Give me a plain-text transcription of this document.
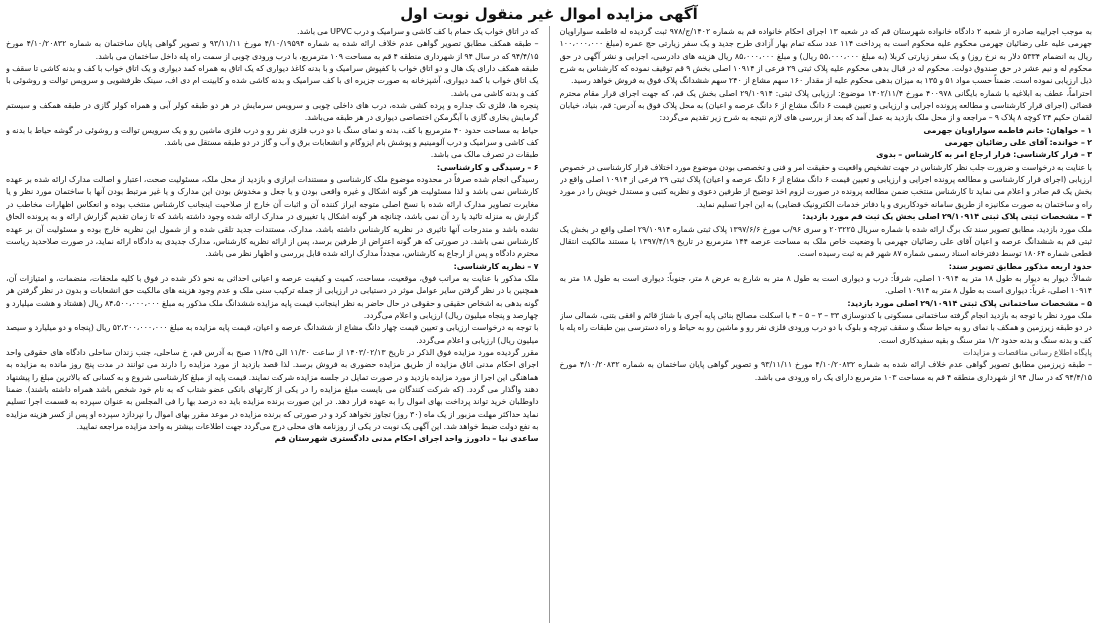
آگهی مزایده اموال غیر منقول نوبت اول

به موجب اجراییه صادره از شعبه ۲ دادگاه خانواده شهرستان قم که در شعبه ۱۳ اجرای احکام خانواده قم به شماره ۱۴۰۲/ج/۹۷۸ ثبت گردیده له فاطمه سواراویان جهرمی علیه علی رضائیان جهرمی محکوم علیه محکوم است به پرداخت ۱۱۴ عدد سکه تمام بهار آزادی طرح جدید و یک سفر زیارتی حج عمره (مبلغ ۱۰۰،۰۰۰،۰۰۰ ریال به انضمام ۵۳۳۴ دلار به نرخ روز) و یک سفر زیارتی کربلا (به مبلغ ۵۵،۰۰۰،۰۰۰ ریال) و مبلغ ۸۵،۰۰۰،۰۰۰ ریال هزینه های دادرسی، اجرایی و نشر آگهی در حق محکوم له و نیم عشر در حق صندوق دولت. محکوم له در قبال بدهی محکوم علیه پلاک ثبتی ۲۹ فرعی از ۱۰۹۱۴ اصلی بخش ۹ قم توقیف نموده که کارشناس به شرح ذیل ارزیابی نموده است. ضمناً حسب مواد ۵۱ و ۱۳۵ به میزان بدهی محکوم علیه از مقدار ۱۶۰ سهم مشاع از ۲۴۰ سهم ششدانگ پلاک فوق به فروش خواهد رسید.

احتراماً، عطف به ابلاغیه با شماره بایگانی ۴۰۰۹۷۸ مورخ ۱۴۰۲/۱۱/۴ موضوع: ارزیابی پلاک ثبتی: ۲۹/۱۰۹۱۴ اصلی بخش یک قم، که جهت اجرای قرار مقام محترم قضائی (اجرای قرار کارشناسی و مطالعه پرونده اجرایی و ارزیابی و تعیین قیمت ۶ دانگ مشاع از ۶ دانگ عرصه و اعیان) به محل پلاک فوق به آدرس: قم، بنیاد، خیابان لقمان حکیم ۲۴ کوچه ۸ پلاک ۹ – مراجعه و از محل ملک بازدید به عمل آمد که بعد از بررسی های لازم نتیجه به شرح زیر تقدیم می‌گردد:

۱ – خواهان: خانم فاطمه سواراویان جهرمی

۲ – خوانده: آقای علی رضائیان جهرمی

۳ – قرار کارشناسی: قرار ارجاع امر به کارشناس – بدوی

با عنایت به درخواست و ضرورت جلب نظر کارشناس در جهت تشخیص واقعیت و حقیقت امر و فنی و تخصصی بودن موضوع مورد اختلاف قرار کارشناسی در خصوص ارزیابی (اجرای قرار کارشناسی و مطالعه پرونده اجرایی و ارزیابی و تعیین قیمت ۶ دانگ مشاع از ۶ دانگ عرصه و اعیان) پلاک ثبتی ۲۹ فرعی از ۱۰۹۱۴ اصلی واقع در بخش یک قم صادر و اعلام می نماید تا کارشناس منتخب ضمن مطالعه پرونده در صورت لزوم اخذ توضیح از طرفین دعوی و نظریه کتبی و مستدل خویش را در مورد راه و ساختمان به صورت مکانیزه از طریق سامانه خودکاربری و یا دفاتر خدمات الکترونیک قضایی) به این اجرا تسلیم نماید.

۴ – مشخصات ثبتی پلاک ثبتی ۲۹/۱۰۹۱۴ اصلی بخش یک ثبت قم مورد بازدید:

ملک مورد بازدید، مطابق تصویر سند تک برگ ارائه شده با شماره سریال ۲۰۳۲۲۵ و سری ۹۶/ب مورخ ۱۳۹۷/۶/۶ پلاک ثبتی شماره ۲۹/۱۰۹۱۴ اصلی واقع در بخش یک ثبتی قم به ششدانگ عرصه و اعیان آقای علی رضائیان جهرمی با وضعیت خاص ملک به مساحت عرصه ۱۴۴ مترمربع در تاریخ ۱۳۹۷/۴/۱۹ با مستند مالکیت انتقال قطعی شماره ۱۸۰۶۴ توسط دفترخانه اسناد رسمی شماره ۸۷ شهر قم به ثبت رسیده است.

حدود اربعه مذکور مطابق تصویر سند:

شمالاً: دیوار به دیوار به طول ۱۸ متر به ۱۰۹۱۴ اصلی، شرقاً: درب و دیواری است به طول ۸ متر به شارع به عرض ۸ متر، جنوباً: دیواری است به طول ۱۸ متر به ۱۰۹۱۴ اصلی، غرباً: دیواری است به طول ۸ متر به ۱۰۹۱۴ اصلی.

۵ – مشخصات ساختمانی پلاک ثبتی ۲۹/۱۰۹۱۴ اصلی مورد بازدید:

ملک مورد نظر با توجه به بازدید انجام گرفته ساختمانی مسکونی با کدنوسازی ۳۳ – ۳ – ۵ – ۴ با اسکلت مصالح بنائی پایه آجری با شناژ قائم و افقی بتنی، شمالی ساز در دو طبقه زیرزمین و همکف با نمای رو به حیاط سنگ و سقف تیرچه و بلوک با دو درب ورودی فلزی نفر رو و ماشین رو به حیاط و راه دسترسی بین طبقات راه پله با کف و بدنه سنگ و بدنه حدود ۱/۲ متر سنگ و بقیه سفیدکاری است.

پایگاه اطلاع رسانی مناقصات و مزایدات

– طبقه زیرزمین مطابق تصویر گواهی عدم خلاف ارائه شده به شماره ۴/۱۰/۲۰۸۳۲ مورخ ۹۳/۱۱/۱۱ و تصویر گواهی پایان ساختمان به شماره ۴/۱۰/۲۰۸۳۲ مورخ ۹۴/۴/۱۵ که در سال ۹۴ از شهرداری منطقه ۴ قم به مساحت ۱۰۳ مترمربع دارای یک راه ورودی می باشد.

که در اتاق خواب یک حمام با کف کاشی و سرامیک و درب UPVC می باشد.

– طبقه همکف مطابق تصویر گواهی عدم خلاف ارائه شده به شماره ۴/۱۰/۱۹۵۹۴ مورخ ۹۳/۱۱/۱۱ و تصویر گواهی پایان ساختمان به شماره ۴/۱۰/۲۰۸۳۲ مورخ ۹۴/۴/۱۵ که در سال ۹۴ از شهرداری منطقه ۴ قم به مساحت ۱۰۹ مترمربع، با درب ورودی چوبی از سمت راه پله داخل ساختمان می باشد.

طبقه همکف دارای یک هال و دو اتاق خواب با کفپوش سرامیک و با بدنه کاغذ دیواری که یک اتاق به همراه کمد دیواری و یک اتاق خواب با کف و بدنه کاشی تا سقف و یک اتاق خواب با کمد دیواری، آشپزخانه به صورت جزیره ای با کف سرامیک و بدنه کاشی شده و کابینت ام دی اف، سینک ظرفشویی و سرویس توالت و روشوئی با کف و بدنه کاشی می باشد.

پنجره ها، فلزی تک جداره و پرده کشی شده، درب های داخلی چوبی و سرویس سرمایش در هر دو طبقه کولر آبی و همراه کولر گازی در طبقه همکف و سیستم گرمایش بخاری گازی با آبگرمکن اختصاصی دیواری در هر طبقه می‌باشد.

حیاط به مساحت حدود ۴۰ مترمربع با کف، بدنه و نمای سنگ با دو درب فلزی نفر رو و درب فلزی ماشین رو و یک سرویس توالت و روشوئی در گوشه حیاط با بدنه و کف کاشی و سرامیک و درب آلومینیم و پوشش بام ایزوگام و انشعابات برق و آب و گاز در دو طبقه مستقل می باشد.

طبقات در تصرف مالک می باشد.

۶ – رسیدگی و کارشناسی:

رسیدگی انجام شده صرفاً در محدوده موضوع ملک کارشناسی و مستندات ابرازی و بازدید از محل ملک، مسئولیت صحت، اعتبار و اصالت مدارک ارائه شده بر عهده کارشناس نمی باشد و لذا مسئولیت هر گونه اشکال و غیره واقعی بودن و یا جعل و مخدوش بودن این مدارک و یا غیر مرتبط بودن آنها با ساختمان مورد نظر و یا مغایرت تصاویر مدارک ارائه شده با نسخ اصلی متوجه ابراز کننده آن و اثبات آن خارج از صلاحیت اینجانب کارشناس منتخب بوده و انعکاس اظهارات مخاطب در گزارش به منزله تائید یا رد آن نمی باشد، چنانچه هر گونه اشکال یا تغییری در مدارک ارائه شده وجود داشته باشد که تا زمان تقدیم گزارش ارائه و به پرونده الحاق نشده باشد و مندرجات آنها تاثیری در نظریه کارشناس داشته باشد، مدارک، مستندات جدید تلقی شده و از شمول این نظریه خارج بوده و مسئولیت آن بر عهده کارشناس نمی باشد. در صورتی که هر گونه اعتراض از طرفین برسد، پس از ارائه نظریه کارشناس، مدارک جدیدی به دادگاه ارائه نماید، در صورت صلاحدید ریاست محترم دادگاه و پس از ارجاع به کارشناس، مجدداً مدارک ارائه شده قابل بررسی و اظهار نظر می باشد.

۷ – نظریه کارشناسی:

ملک مذکور با عنایت به مراتب فوق، موقعیت، مساحت، کمیت و کیفیت عرصه و اعیانی احداثی به نحو ذکر شده در فوق با کلیه ملحقات، منضمات، و امتیازات آن، همچنین با در نظر گرفتن سایر عوامل موثر در دستیابی در ارزیابی از جمله ترکیب سنی ملک و عدم وجود هزینه های مالکیت حق انشعابات و بدون در نظر گرفتن هر گونه بدهی به اشخاص حقیقی و حقوقی در حال حاضر به نظر اینجانب قیمت پایه مزایده ششدانگ ملک مذکور به مبلغ ۸۴،۵۰۰،۰۰۰،۰۰۰ ریال (هشتاد و هشت میلیارد و چهارصد و پنجاه میلیون ریال) ارزیابی و اعلام می‌گردد.

با توجه به درخواست ارزیابی و تعیین قیمت چهار دانگ مشاع از ششدانگ عرصه و اعیان، قیمت پایه مزایده به مبلغ ۵۲،۲۰۰،۰۰۰،۰۰۰ ریال (پنجاه و دو میلیارد و سیصد میلیون ریال) ارزیابی و اعلام می‌گردد.

مقرر گردیده مورد مزایده فوق الذکر در تاریخ ۱۴۰۳/۰۲/۱۳ از ساعت ۱۱/۳۰ الی ۱۱/۴۵ صبح به آدرس قم، خ ساحلی، جنب زندان ساحلی دادگاه های حقوقی واحد اجرای احکام مدنی اتاق مزایده از طریق مزایده حضوری به فروش برسد. لذا قصد بازدید از مورد مزایده را دارند می توانند در مدت پنج روز مانده به مزایده به هماهنگی این اجرا از مورد مزایده بازدید و در صورت تمایل در جلسه مزایده شرکت نمایند. قیمت پایه از مبلغ کارشناسی شروع و به کسانی که بالاترین مبلغ را پیشنهاد دهند واگذار می گردد. (که شرکت کنندگان می بایست مبلغ مزایده را در یکی از کارتهای بانکی عضو شتاب که به نام خود شخص باشد همراه داشته باشند). ضمنا داوطلبان خرید تواند پرداخت بهای اموال را به عهده قرار دهد. در این صورت برنده مزایده باید ده درصد بها را فی المجلس به عنوان سپرده به قسمت اجرا تسلیم نماید حداکثر مهلت مزبور از یک ماه (۳۰ روز) تجاوز نخواهد کرد و در صورتی که برنده مزایده در موعد مقرر بهای اموال را نپردازد سپرده او پس از کسر هزینه مزایده به نفع دولت ضبط خواهد شد. این آگهی یک نوبت در یکی از روزنامه های محلی درج می‌گردد جهت اطلاعات بیشتر به واحد مزایده مراجعه نمایید.

ساعدی نیا – دادورز واحد اجرای احکام مدنی دادگستری شهرستان قم
